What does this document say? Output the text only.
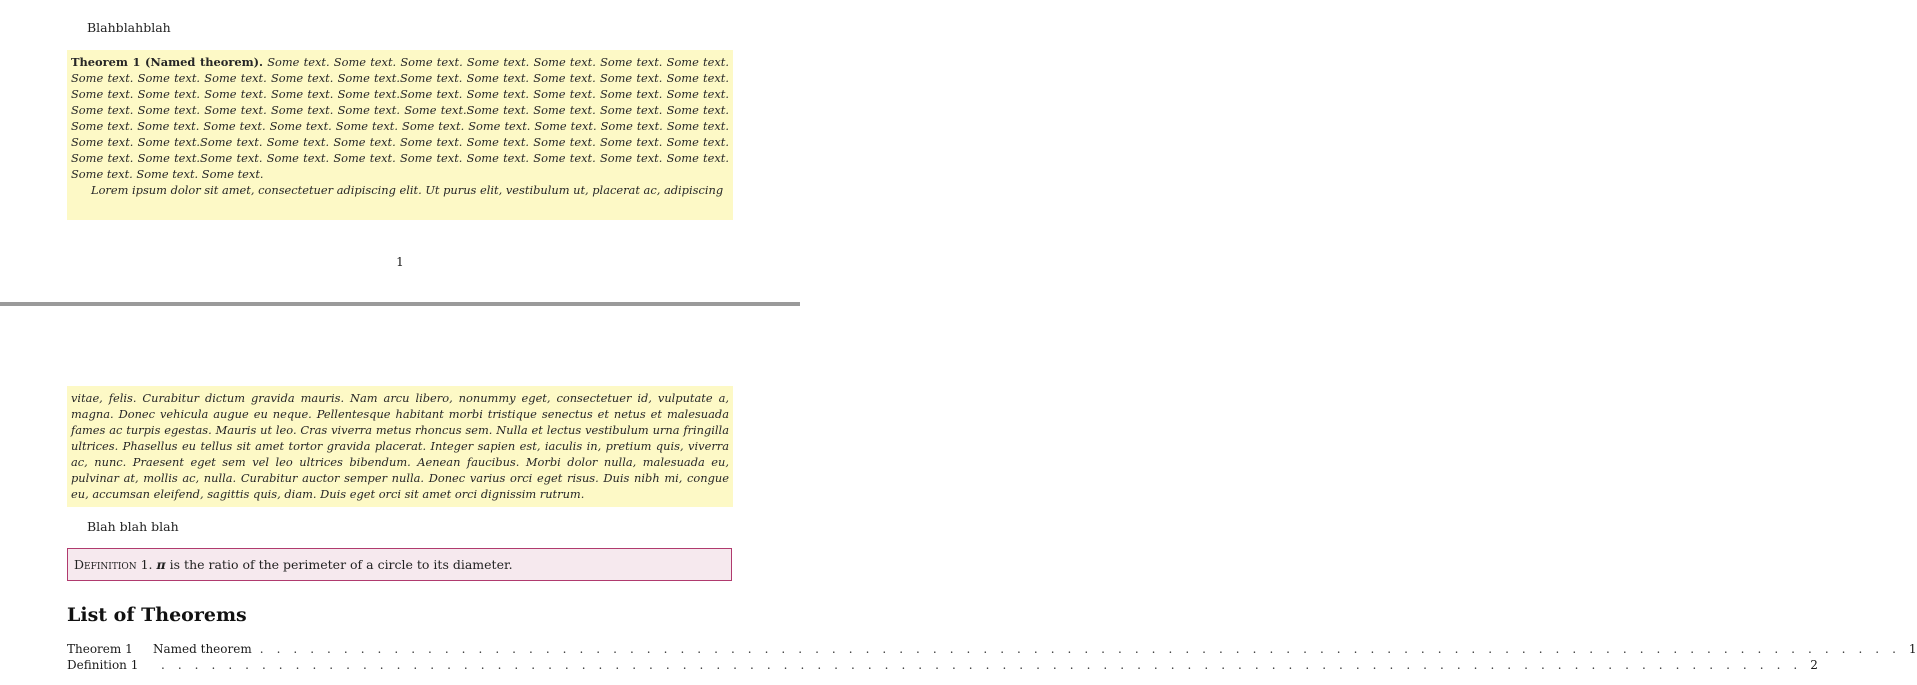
Blahblahblah
Theorem 1 (Named theorem). Some text. Some text. Some text. Some text. Some text. Some text. Some text. Some text. Some text. Some text. Some text. Some text.Some text. Some text. Some text. Some text. Some text. Some text. Some text. Some text. Some text. Some text.Some text. Some text. Some text. Some text. Some text. Some text. Some text. Some text. Some text. Some text. Some text.Some text. Some text. Some text. Some text. Some text. Some text. Some text. Some text. Some text. Some text. Some text. Some text. Some text. Some text. Some text. Some text.Some text. Some text. Some text. Some text. Some text. Some text. Some text. Some text. Some text. Some text.Some text. Some text. Some text. Some text. Some text. Some text. Some text. Some text. Some text. Some text. Some text.
Lorem ipsum dolor sit amet, consectetuer adipiscing elit. Ut purus elit, vestibulum ut, placerat ac, adipiscing
1
vitae, felis. Curabitur dictum gravida mauris. Nam arcu libero, nonummy eget, consectetuer id, vulputate a, magna. Donec vehicula augue eu neque. Pellentesque habitant morbi tristique senectus et netus et malesuada fames ac turpis egestas. Mauris ut leo. Cras viverra metus rhoncus sem. Nulla et lectus vestibulum urna fringilla ultrices. Phasellus eu tellus sit amet tortor gravida placerat. Integer sapien est, iaculis in, pretium quis, viverra ac, nunc. Praesent eget sem vel leo ultrices bibendum. Aenean faucibus. Morbi dolor nulla, malesuada eu, pulvinar at, mollis ac, nulla. Curabitur auctor semper nulla. Donec varius orci eget risus. Duis nibh mi, congue eu, accumsan eleifend, sagittis quis, diam. Duis eget orci sit amet orci dignissim rutrum.
Blah blah blah
Definition 1. π is the ratio of the perimeter of a circle to its diameter.
List of Theorems
Theorem 1	Named theorem . . . . . . . . . . . . . . . . . . . . . . . . . . . . . . . . . . . . . . . . . . . . . . . . . . . . . . . . . . . . . . . . . . . . . . . . . . . . . . . . . . . . . . . . . . . . . . . . . . 1
Definition 1	. . . . . . . . . . . . . . . . . . . . . . . . . . . . . . . . . . . . . . . . . . . . . . . . . . . . . . . . . . . . . . . . . . . . . . . . . . . . . . . . . . . . . . . . . . . . . . . . . . 2
